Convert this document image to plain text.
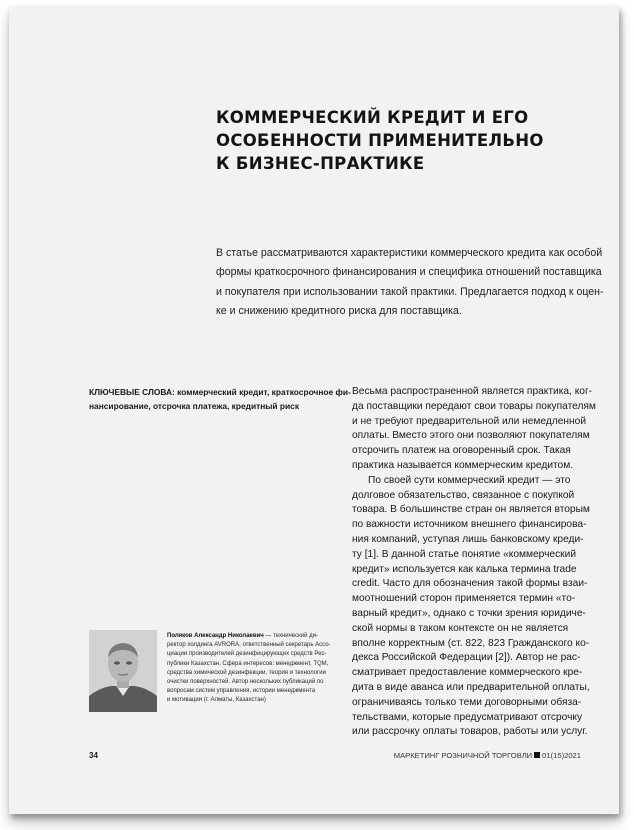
КОММЕРЧЕСКИЙ КРЕДИТ И ЕГО
ОСОБЕННОСТИ ПРИМЕНИТЕЛЬНО
К БИЗНЕС-ПРАКТИКЕ
В статье рассматриваются характеристики коммерческого кредита как особой
формы краткосрочного финансирования и специфика отношений поставщика
и покупателя при использовании такой практики. Предлагается подход к оцен-
ке и снижению кредитного риска для поставщика.
КЛЮЧЕВЫЕ СЛОВА: коммерческий кредит, краткосрочное фи-
нансирование, отсрочка платежа, кредитный риск
Весьма распространенной является практика, ког-
да поставщики передают свои товары покупателям
и не требуют предварительной или немедленной
оплаты. Вместо этого они позволяют покупателям
отсрочить платеж на оговоренный срок. Такая
практика называется коммерческим кредитом.
По своей сути коммерческий кредит — это
долговое обязательство, связанное с покупкой
товара. В большинстве стран он является вторым
по важности источником внешнего финансирова-
ния компаний, уступая лишь банковскому креди-
ту [1]. В данной статье понятие «коммерческий
кредит» используется как калька термина trade
credit. Часто для обозначения такой формы взаи-
моотношений сторон применяется термин «то-
варный кредит», однако с точки зрения юридиче-
ской нормы в таком контексте он не является
вполне корректным (ст. 822, 823 Гражданского ко-
декса Российской Федерации [2]). Автор не рас-
сматривает предоставление коммерческого кре-
дита в виде аванса или предварительной оплаты,
ограничиваясь только теми договорными обяза-
тельствами, которые предусматривают отсрочку
или рассрочку оплаты товаров, работы или услуг.
Поляков Александр Николаевич — технический ди-
ректор холдинга AVRORA, ответственный секретарь Ассо-
циации производителей дезинфицирующих средств Рес-
публики Казахстан. Сфера интересов: менеджмент, TQM,
средства химической дезинфекции, теория и технологии
очистки поверхностей. Автор нескольких публикаций по
вопросам систем управления, истории менеджмента
и мотивации (г. Алматы, Казахстан)
34	МАРКЕТИНГ РОЗНИЧНОЙ ТОРГОВЛИ 01(15)2021
